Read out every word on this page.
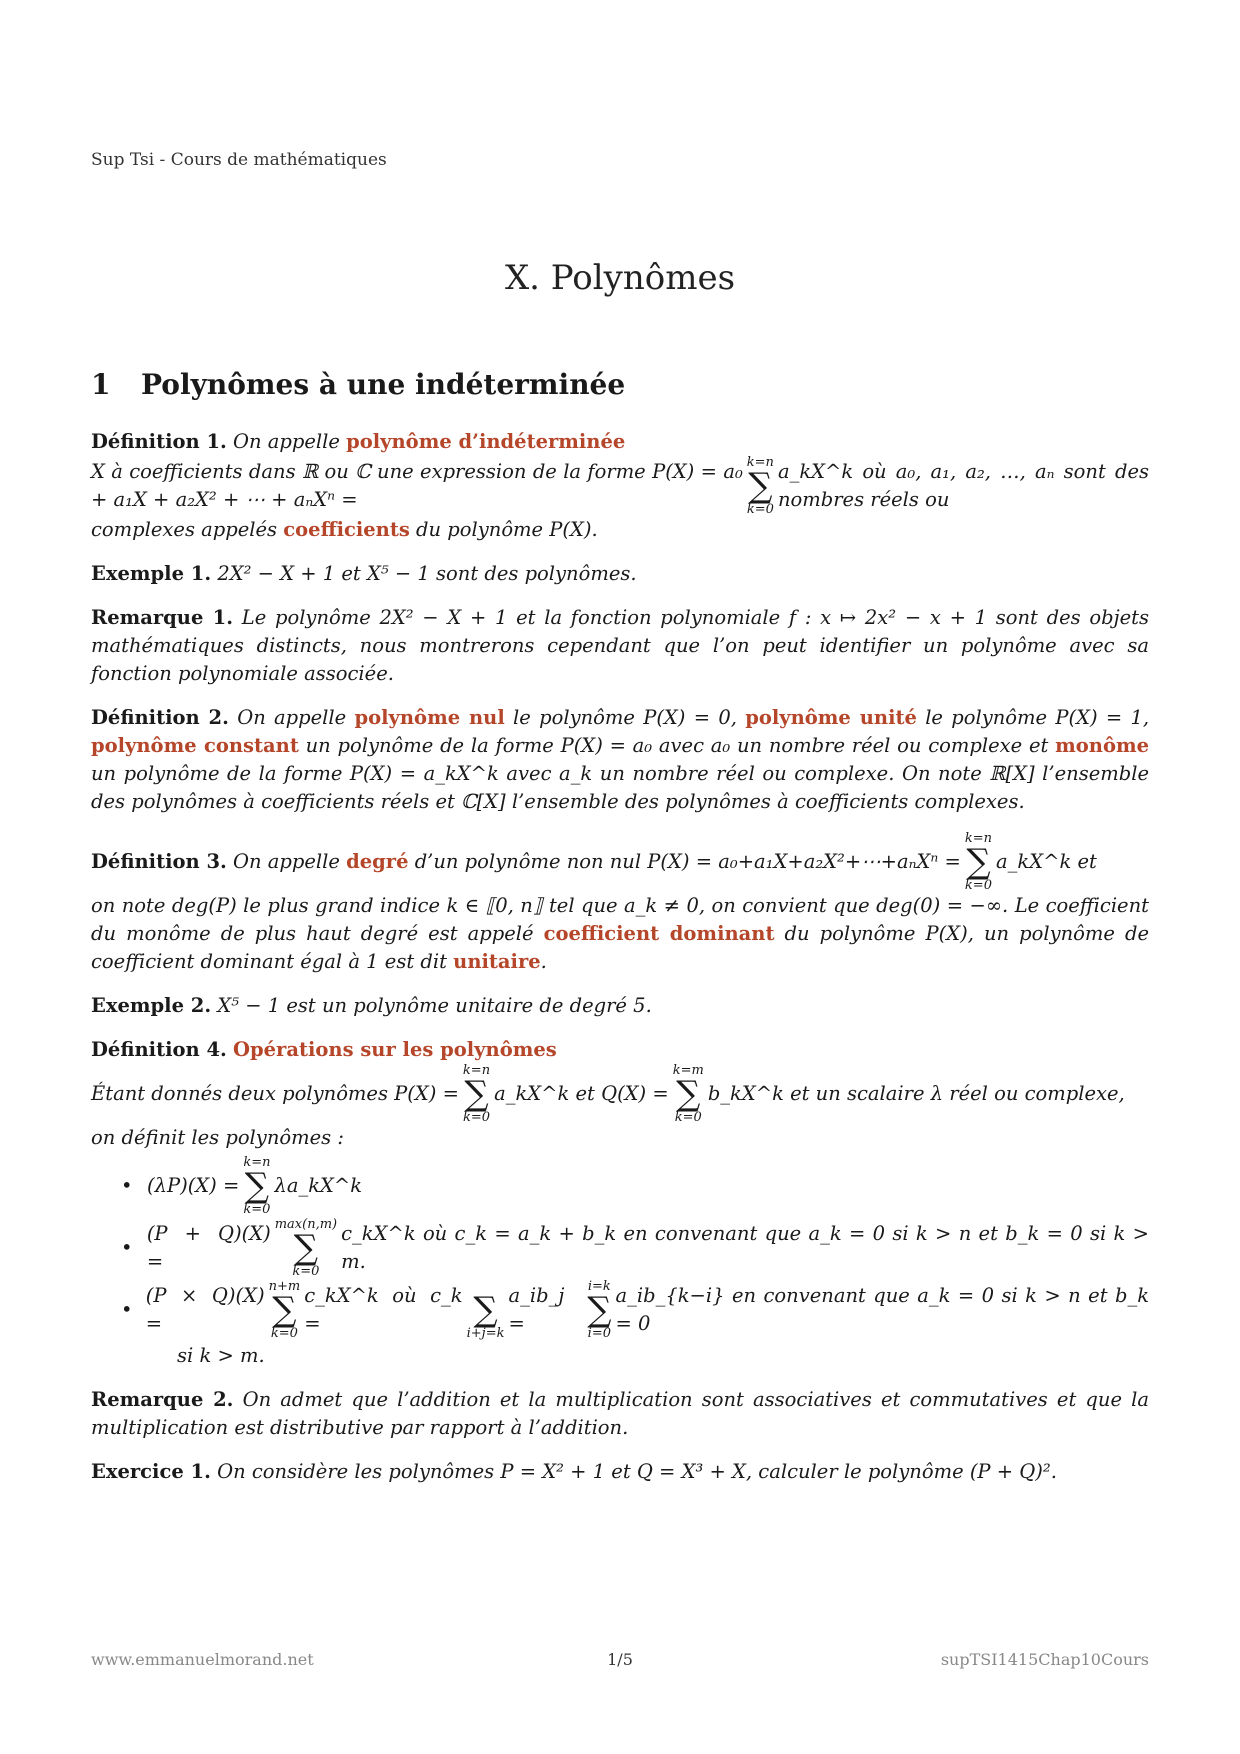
Sup Tsi - Cours de mathématiques
X. Polynômes
1 Polynômes à une indéterminée
Définition 1. On appelle polynôme d’indéterminée
X à coefficients dans ℝ ou ℂ une expression de la forme P(X) = a₀ + a₁X + a₂X² + ⋯ + aₙXⁿ =
k=n
∑
k=0
a_kX^k où a₀, a₁, a₂, …, aₙ sont des nombres réels ou
complexes appelés coefficients du polynôme P(X).
Exemple 1. 2X² − X + 1 et X⁵ − 1 sont des polynômes.
Remarque 1. Le polynôme 2X² − X + 1 et la fonction polynomiale f : x ↦ 2x² − x + 1 sont des objets mathématiques distincts, nous montrerons cependant que l’on peut identifier un polynôme avec sa fonction polynomiale associée.
Définition 2. On appelle polynôme nul le polynôme P(X) = 0, polynôme unité le polynôme P(X) = 1, polynôme constant un polynôme de la forme P(X) = a₀ avec a₀ un nombre réel ou complexe et monôme un polynôme de la forme P(X) = a_kX^k avec a_k un nombre réel ou complexe. On note ℝ[X] l’ensemble des polynômes à coefficients réels et ℂ[X] l’ensemble des polynômes à coefficients complexes.
Définition 3.
On appelle
degré
d’un polynôme non nul P(X) = a₀+a₁X+a₂X²+⋯+aₙXⁿ =
k=n
∑
k=0
a_kX^k et
on note deg(P) le plus grand indice k ∈ ⟦0, n⟧ tel que a_k ≠ 0, on convient que deg(0) = −∞. Le coefficient du monôme de plus haut degré est appelé coefficient dominant du polynôme P(X), un polynôme de coefficient dominant égal à 1 est dit unitaire.
Exemple 2. X⁵ − 1 est un polynôme unitaire de degré 5.
Définition 4. Opérations sur les polynômes
Étant donnés deux polynômes P(X) =
k=n
∑
k=0
a_kX^k et Q(X) =
k=m
∑
k=0
b_kX^k et un scalaire λ réel ou complexe,
on définit les polynômes :
• (λP)(X) =
k=n
∑
k=0
λa_kX^k
•
(P + Q)(X) =
max(n,m)
∑
k=0
c_kX^k où c_k = a_k + b_k en convenant que a_k = 0 si k > n et b_k = 0 si k > m.
•
(P × Q)(X) =
n+m
∑
k=0
c_kX^k où c_k =
	∑
i+j=k
a_ib_j =
i=k
∑
i=0
a_ib_{k−i} en convenant que a_k = 0 si k > n et b_k = 0
si k > m.
Remarque 2. On admet que l’addition et la multiplication sont associatives et commutatives et que la multiplication est distributive par rapport à l’addition.
Exercice 1. On considère les polynômes P = X² + 1 et Q = X³ + X, calculer le polynôme (P + Q)².
www.emmanuelmorand.net	1/5	supTSI1415Chap10Cours
